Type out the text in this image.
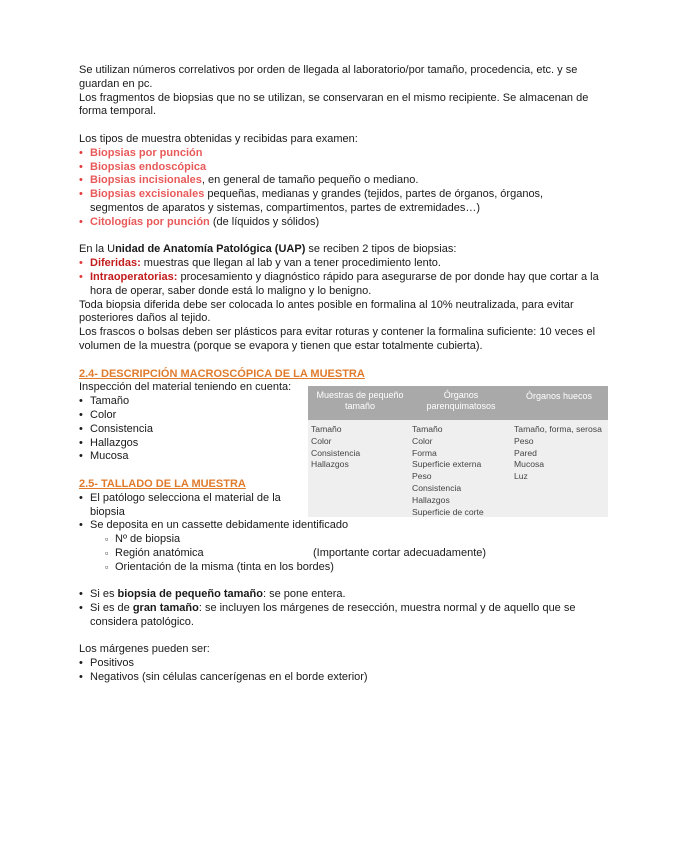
Se utilizan números correlativos por orden de llegada al laboratorio/por tamaño, procedencia, etc. y se guardan en pc.

Los fragmentos de biopsias que no se utilizan, se conservaran en el mismo recipiente. Se almacenan de forma temporal.

Los tipos de muestra obtenidas y recibidas para examen:

• Biopsias por punción
• Biopsias endoscópica
• Biopsias incisionales, en general de tamaño pequeño o mediano.
• Biopsias excisionales pequeñas, medianas y grandes (tejidos, partes de órganos, órganos, segmentos de aparatos y sistemas, compartimentos, partes de extremidades…)
• Citologías por punción (de líquidos y sólidos)

En la Unidad de Anatomía Patológica (UAP) se reciben 2 tipos de biopsias:

• Diferidas: muestras que llegan al lab y van a tener procedimiento lento.
• Intraoperatorias: procesamiento y diagnóstico rápido para asegurarse de por donde hay que cortar a la hora de operar, saber donde está lo maligno y lo benigno.

Toda biopsia diferida debe ser colocada lo antes posible en formalina al 10% neutralizada, para evitar posteriores daños al tejido.

Los frascos o bolsas deben ser plásticos para evitar roturas y contener la formalina suficiente: 10 veces el volumen de la muestra (porque se evapora y tienen que estar totalmente cubierta).

2.4- DESCRIPCIÓN MACROSCÓPICA DE LA MUESTRA

Inspección del material teniendo en cuenta:

• Tamaño
• Color
• Consistencia
• Hallazgos
• Mucosa

2.5- TALLADO DE LA MUESTRA

• El patólogo selecciona el material de la biopsia
• Se deposita en un cassette debidamente identificado
▫ Nº de biopsia
▫ Región anatómica	(Importante cortar adecuadamente)
▫ Orientación de la misma (tinta en los bordes)
• Si es biopsia de pequeño tamaño: se pone entera.
• Si es de gran tamaño: se incluyen los márgenes de resección, muestra normal y de aquello que se considera patológico.

Los márgenes pueden ser:

• Positivos
• Negativos (sin células cancerígenas en el borde exterior)
Muestras de pequeño tamaño
Órganos parenquimatosos
Órganos huecos
Tamaño
Color
Consistencia
Hallazgos
Tamaño
Color
Forma
Superficie externa
Peso
Consistencia
Hallazgos
Superficie de corte
Tamaño, forma, serosa
Peso
Pared
Mucosa
Luz
